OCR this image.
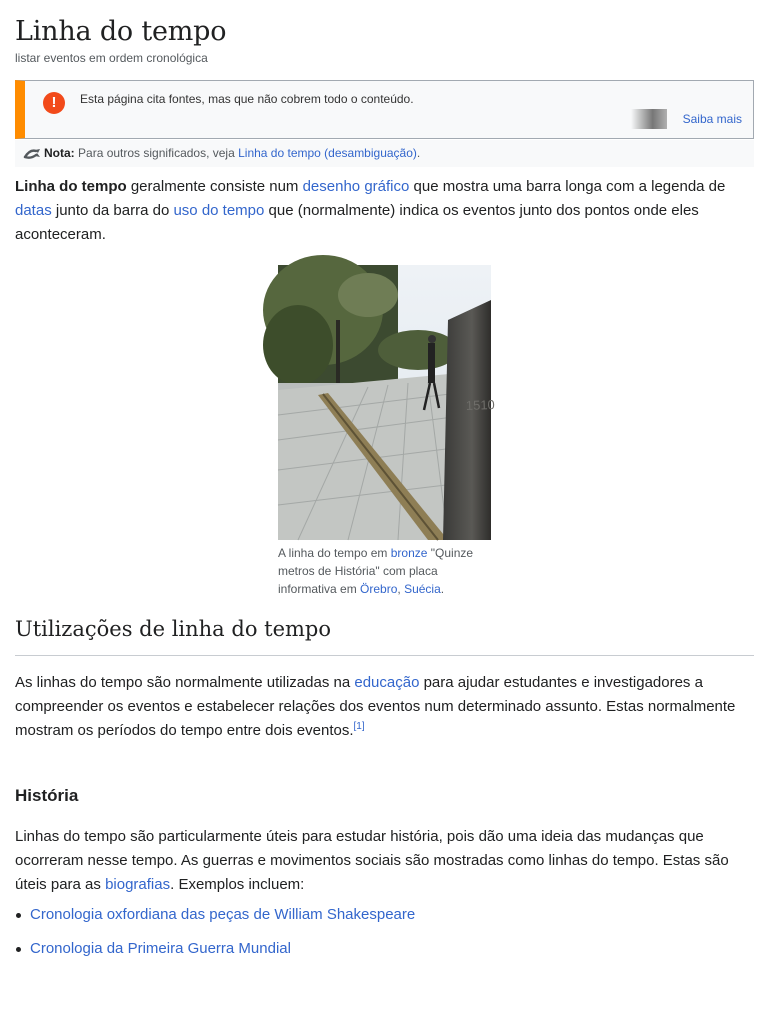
Linha do tempo
listar eventos em ordem cronológica
!	Esta página cita fontes, mas que não cobrem todo o conteúdo.
Saiba mais
Nota: Para outros significados, veja Linha do tempo (desambiguação).

Linha do tempo geralmente consiste num desenho gráfico que mostra uma barra longa com a legenda de datas junto da barra do uso do tempo que (normalmente) indica os eventos junto dos pontos onde eles aconteceram.

1510
A linha do tempo em bronze "Quinze metros de História" com placa informativa em Örebro, Suécia.
Utilizações de linha do tempo

As linhas do tempo são normalmente utilizadas na educação para ajudar estudantes e investigadores a compreender os eventos e estabelecer relações dos eventos num determinado assunto. Estas normalmente mostram os períodos do tempo entre dois eventos.[1]

História

Linhas do tempo são particularmente úteis para estudar história, pois dão uma ideia das mudanças que ocorreram nesse tempo. As guerras e movimentos sociais são mostradas como linhas do tempo. Estas são úteis para as biografias. Exemplos incluem:

Cronologia oxfordiana das peças de William Shakespeare
Cronologia da Primeira Guerra Mundial
